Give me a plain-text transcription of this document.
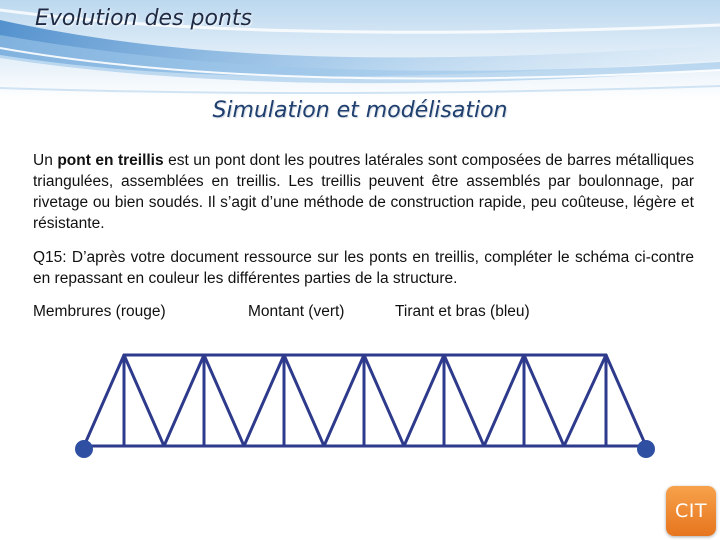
Evolution des ponts
Simulation et modélisation

Un pont en treillis est un pont dont les poutres latérales sont composées de barres métalliques triangulées, assemblées en treillis. Les treillis peuvent être assemblés par boulonnage, par rivetage ou bien soudés. Il s’agit d’une méthode de construction rapide, peu coûteuse, légère et résistante.

Q15: D’après votre document ressource sur les ponts en treillis, compléter le schéma ci-contre en repassant en couleur les différentes parties de la structure.

Membrures (rouge)	Montant (vert)	Tirant et bras (bleu)
CIT
